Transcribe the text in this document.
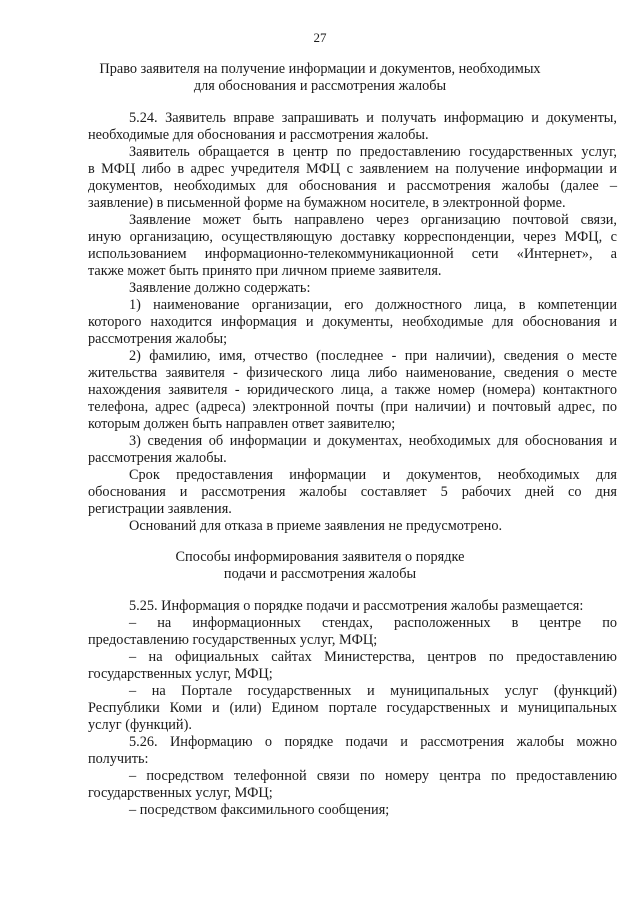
27
Право заявителя на получение информации и документов, необходимых
для обоснования и рассмотрения жалобы
5.24. Заявитель вправе запрашивать и получать информацию и документы,
необходимые для обоснования и рассмотрения жалобы.
Заявитель обращается в центр по предоставлению государственных услуг,
в МФЦ либо в адрес учредителя МФЦ с заявлением на получение информации и
документов, необходимых для обоснования и рассмотрения жалобы (далее –
заявление) в письменной форме на бумажном носителе, в электронной форме.
Заявление может быть направлено через организацию почтовой связи,
иную организацию, осуществляющую доставку корреспонденции, через МФЦ, с
использованием информационно-телекоммуникационной сети «Интернет», а
также может быть принято при личном приеме заявителя.
Заявление должно содержать:
1) наименование организации, его должностного лица, в компетенции
которого находится информация и документы, необходимые для обоснования и
рассмотрения жалобы;
2) фамилию, имя, отчество (последнее - при наличии), сведения о месте
жительства заявителя - физического лица либо наименование, сведения о месте
нахождения заявителя - юридического лица, а также номер (номера) контактного
телефона, адрес (адреса) электронной почты (при наличии) и почтовый адрес, по
которым должен быть направлен ответ заявителю;
3) сведения об информации и документах, необходимых для обоснования и
рассмотрения жалобы.
Срок предоставления информации и документов, необходимых для
обоснования и рассмотрения жалобы составляет 5 рабочих дней со дня
регистрации заявления.
Оснований для отказа в приеме заявления не предусмотрено.
Способы информирования заявителя о порядке
подачи и рассмотрения жалобы
5.25. Информация о порядке подачи и рассмотрения жалобы размещается:
– на информационных стендах, расположенных в центре по
предоставлению государственных услуг, МФЦ;
– на официальных сайтах Министерства, центров по предоставлению
государственных услуг, МФЦ;
– на Портале государственных и муниципальных услуг (функций)
Республики Коми и (или) Едином портале государственных и муниципальных
услуг (функций).
5.26. Информацию о порядке подачи и рассмотрения жалобы можно
получить:
– посредством телефонной связи по номеру центра по предоставлению
государственных услуг, МФЦ;
– посредством факсимильного сообщения;
